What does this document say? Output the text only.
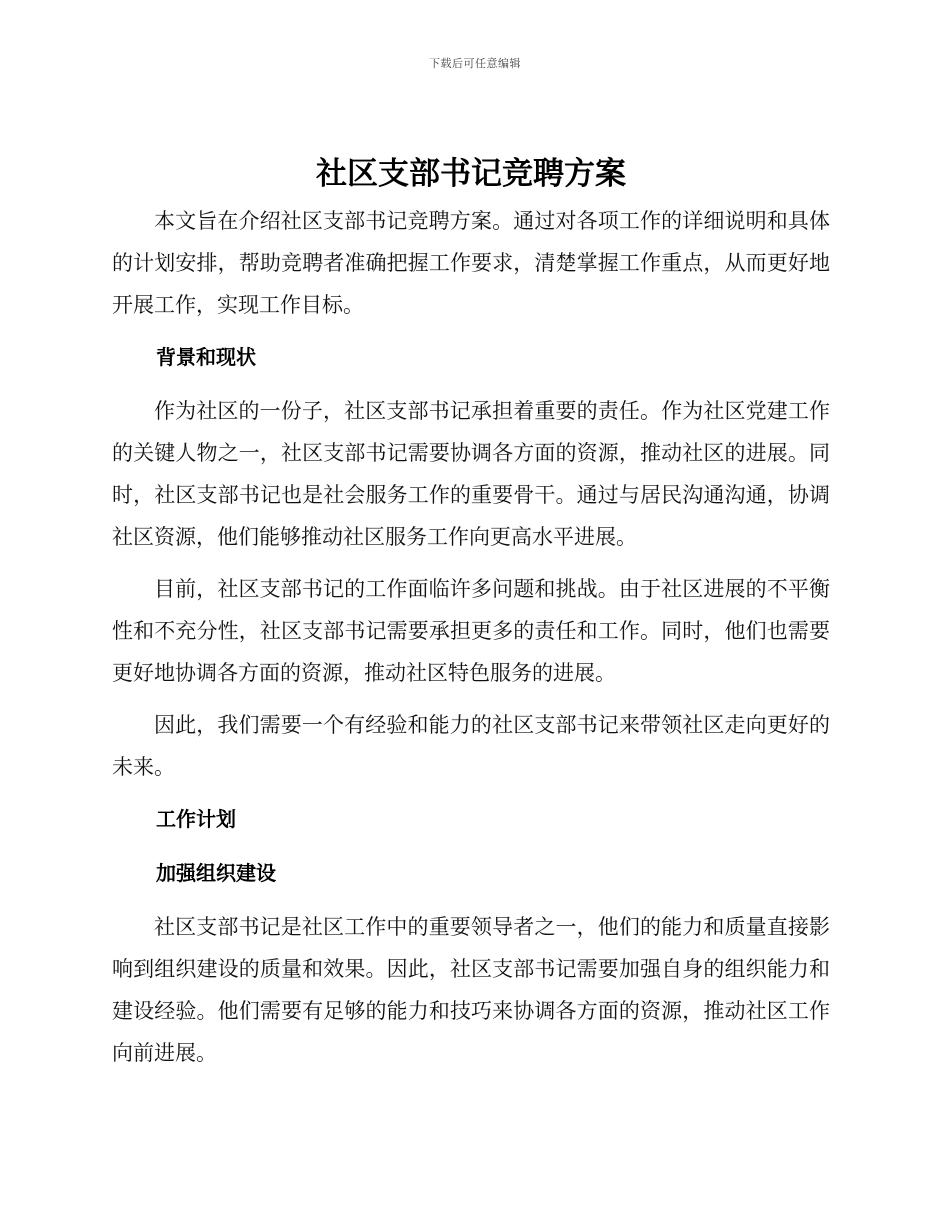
下载后可任意编辑
社区支部书记竞聘方案

本文旨在介绍社区支部书记竞聘方案。通过对各项工作的详细说明和具体的计划安排，帮助竞聘者准确把握工作要求，清楚掌握工作重点，从而更好地开展工作，实现工作目标。

背景和现状

作为社区的一份子，社区支部书记承担着重要的责任。作为社区党建工作的关键人物之一，社区支部书记需要协调各方面的资源，推动社区的进展。同时，社区支部书记也是社会服务工作的重要骨干。通过与居民沟通沟通，协调社区资源，他们能够推动社区服务工作向更高水平进展。

目前，社区支部书记的工作面临许多问题和挑战。由于社区进展的不平衡性和不充分性，社区支部书记需要承担更多的责任和工作。同时，他们也需要更好地协调各方面的资源，推动社区特色服务的进展。

因此，我们需要一个有经验和能力的社区支部书记来带领社区走向更好的未来。

工作计划
加强组织建设

社区支部书记是社区工作中的重要领导者之一，他们的能力和质量直接影响到组织建设的质量和效果。因此，社区支部书记需要加强自身的组织能力和建设经验。他们需要有足够的能力和技巧来协调各方面的资源，推动社区工作向前进展。
